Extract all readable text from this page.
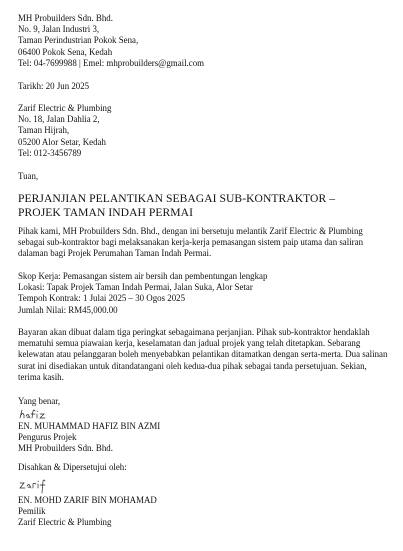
MH Probuilders Sdn. Bhd.
No. 9, Jalan Industri 3,
Taman Perindustrian Pokok Sena,
06400 Pokok Sena, Kedah
Tel: 04-7699988 | Emel: mhprobuilders@gmail.com
Tarikh: 20 Jun 2025
Zarif Electric & Plumbing
No. 18, Jalan Dahlia 2,
Taman Hijrah,
05200 Alor Setar, Kedah
Tel: 012-3456789
Tuan,
PERJANJIAN PELANTIKAN SEBAGAI SUB-KONTRAKTOR – PROJEK TAMAN INDAH PERMAI
Pihak kami, MH Probuilders Sdn. Bhd., dengan ini bersetuju melantik Zarif Electric & Plumbing sebagai sub-kontraktor bagi melaksanakan kerja-kerja pemasangan sistem paip utama dan saliran dalaman bagi Projek Perumahan Taman Indah Permai.
Skop Kerja: Pemasangan sistem air bersih dan pembentungan lengkap
Lokasi: Tapak Projek Taman Indah Permai, Jalan Suka, Alor Setar
Tempoh Kontrak: 1 Julai 2025 – 30 Ogos 2025
Jumlah Nilai: RM45,000.00
Bayaran akan dibuat dalam tiga peringkat sebagaimana perjanjian. Pihak sub-kontraktor hendaklah mematuhi semua piawaian kerja, keselamatan dan jadual projek yang telah ditetapkan. Sebarang kelewatan atau pelanggaran boleh menyebabkan pelantikan ditamatkan dengan serta-merta. Dua salinan surat ini disediakan untuk ditandatangani oleh kedua-dua pihak sebagai tanda persetujuan. Sekian, terima kasih.
Yang benar,
EN. MUHAMMAD HAFIZ BIN AZMI
Pengurus Projek
MH Probuilders Sdn. Bhd.
Disahkan & Dipersetujui oleh:
EN. MOHD ZARIF BIN MOHAMAD
Pemilik
Zarif Electric & Plumbing
